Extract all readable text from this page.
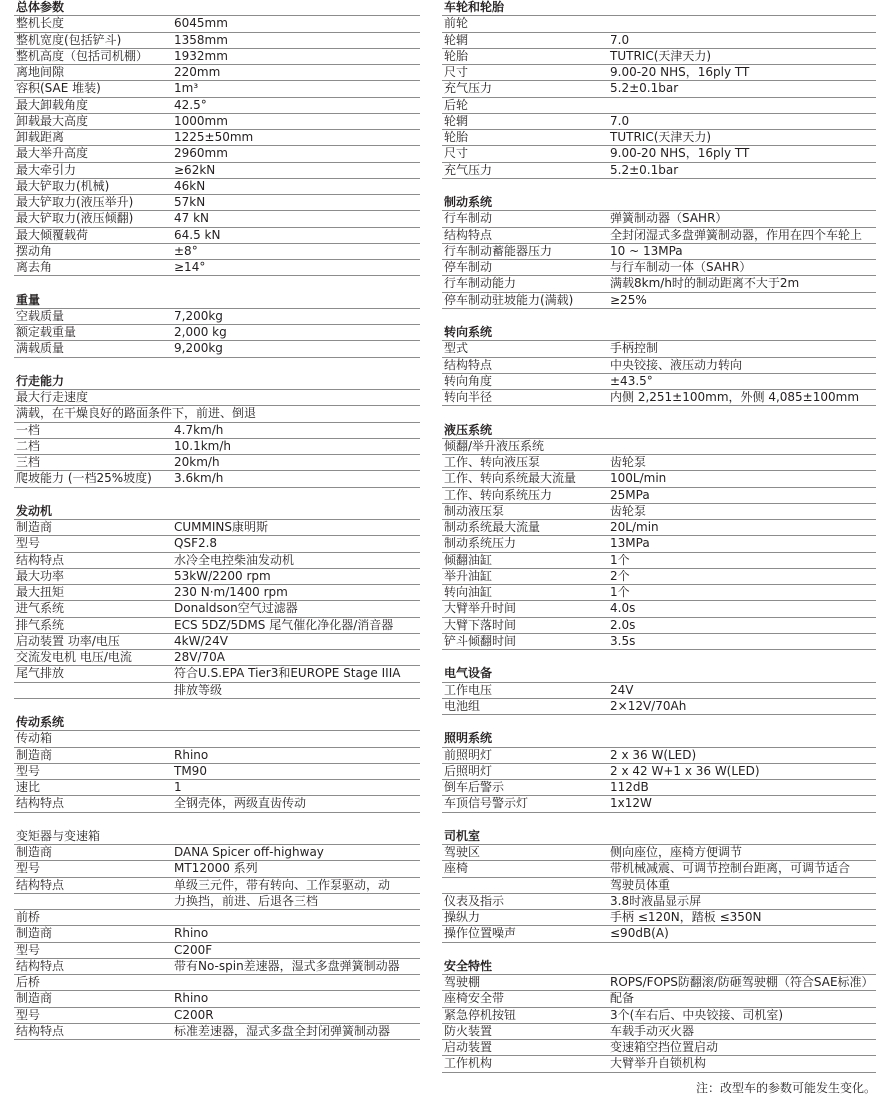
总体参数
整机长度	6045mm
整机宽度(包括铲斗)	1358mm
整机高度（包括司机棚） 1932mm
离地间隙	220mm
容积(SAE 堆装)	1m³
最大卸载角度	42.5°
卸载最大高度	1000mm
卸载距离	1225±50mm
最大举升高度	2960mm
最大牵引力	≥62kN
最大铲取力(机械)	46kN
最大铲取力(液压举升)	57kN
最大铲取力(液压倾翻)	47 kN
最大倾覆载荷	64.5 kN
摆动角	±8°
离去角	≥14°
重量
空载质量	7,200kg
额定载重量	2,000 kg
满载质量	9,200kg
行走能力
最大行走速度
满载，在干燥良好的路面条件下，前进、倒退
一档	4.7km/h
二档	10.1km/h
三档	20km/h
爬坡能力 (一档25%坡度) 3.6km/h
发动机
制造商	CUMMINS康明斯
型号	QSF2.8
结构特点	水冷全电控柴油发动机
最大功率	53kW/2200 rpm
最大扭矩	230 N·m/1400 rpm
进气系统	Donaldson空气过滤器
排气系统	ECS 5DZ/5DMS 尾气催化净化器/消音器
启动装置 功率/电压	4kW/24V
交流发电机 电压/电流	28V/70A
尾气排放	符合U.S.EPA Tier3和EUROPE Stage IIIA
排放等级
传动系统
传动箱
制造商	Rhino
型号	TM90
速比	1
结构特点	全钢壳体，两级直齿传动
变矩器与变速箱
制造商	DANA Spicer off-highway
型号	MT12000 系列
结构特点	单级三元件，带有转向、工作泵驱动，动
力换挡，前进、后退各三档
前桥
制造商	Rhino
型号	C200F
结构特点	带有No-spin差速器，湿式多盘弹簧制动器
后桥
制造商	Rhino
型号	C200R
结构特点	标准差速器，湿式多盘全封闭弹簧制动器
车轮和轮胎
前轮
轮辋	7.0
轮胎	TUTRIC(天津天力)
尺寸	9.00-20 NHS，16ply TT
充气压力	5.2±0.1bar
后轮
轮辋	7.0
轮胎	TUTRIC(天津天力)
尺寸	9.00-20 NHS，16ply TT
充气压力	5.2±0.1bar
制动系统
行车制动	弹簧制动器（SAHR）
结构特点	全封闭湿式多盘弹簧制动器，作用在四个车轮上
行车制动蓄能器压力	10 ~ 13MPa
停车制动	与行车制动一体（SAHR）
行车制动能力	满载8km/h时的制动距离不大于2m
停车制动驻坡能力(满载)	≥25%
转向系统
型式	手柄控制
结构特点	中央铰接、液压动力转向
转向角度	±43.5°
转向半径	内侧 2,251±100mm，外侧 4,085±100mm
液压系统
倾翻/举升液压系统
工作、转向液压泵	齿轮泵
工作、转向系统最大流量	100L/min
工作、转向系统压力	25MPa
制动液压泵	齿轮泵
制动系统最大流量	20L/min
制动系统压力	13MPa
倾翻油缸	1个
举升油缸	2个
转向油缸	1个
大臂举升时间	4.0s
大臂下落时间	2.0s
铲斗倾翻时间	3.5s
电气设备
工作电压	24V
电池组	2×12V/70Ah
照明系统
前照明灯	2 x 36 W(LED)
后照明灯	2 x 42 W+1 x 36 W(LED)
倒车后警示	112dB
车顶信号警示灯	1x12W
司机室
驾驶区	侧向座位，座椅方便调节
座椅	带机械减震、可调节控制台距离，可调节适合
驾驶员体重
仪表及指示	3.8时液晶显示屏
操纵力	手柄 ≤120N，踏板 ≤350N
操作位置噪声	≤90dB(A)
安全特性
驾驶棚	ROPS/FOPS防翻滚/防砸驾驶棚（符合SAE标准）
座椅安全带	配备
紧急停机按钮	3个(车右后、中央铰接、司机室)
防火装置	车载手动灭火器
启动装置	变速箱空挡位置启动
工作机构	大臂举升自锁机构
注：改型车的参数可能发生变化。
